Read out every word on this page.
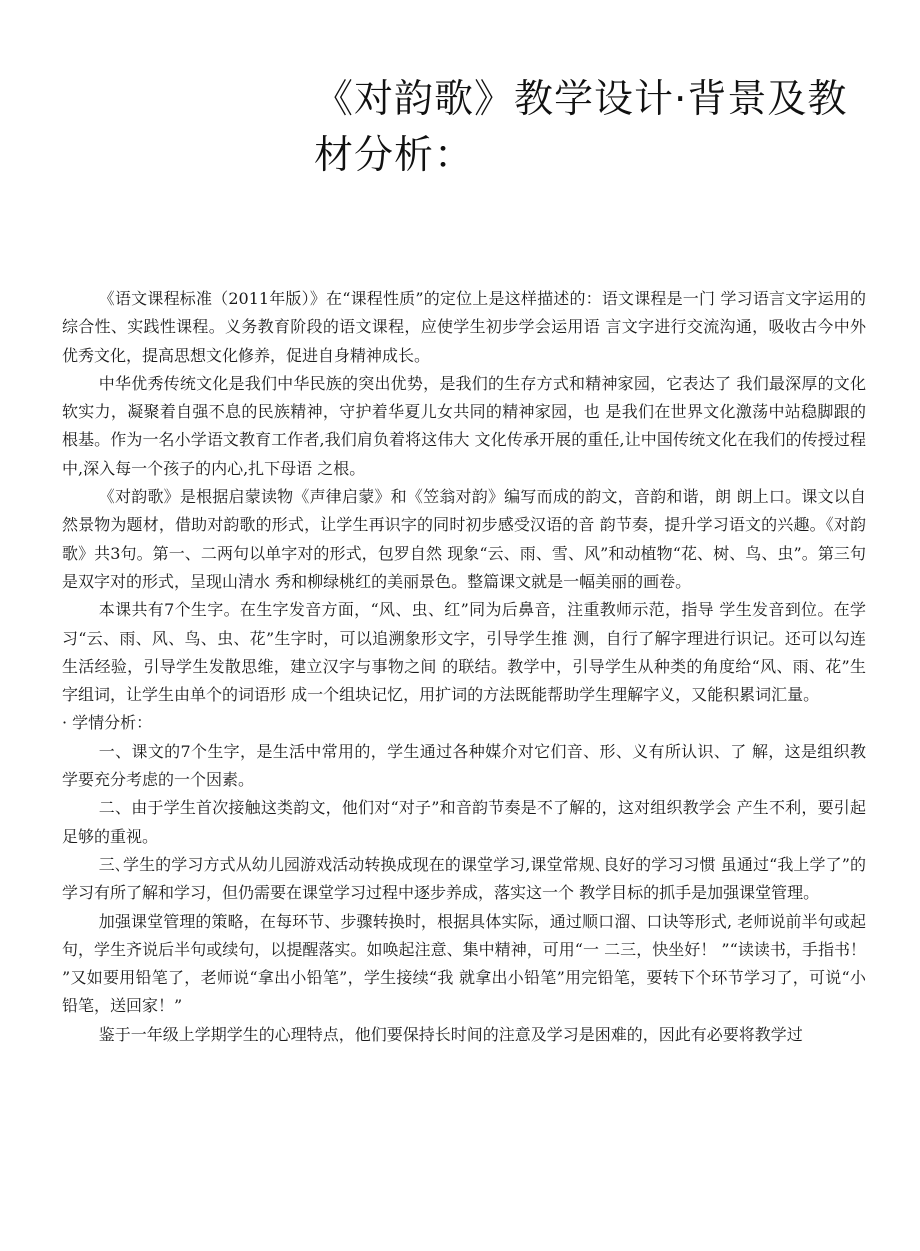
《对韵歌》教学设计·背景及教
材分析：

《语文课程标准（2011年版）》在“课程性质”的定位上是这样描述的：语文课程是一门 学习语言文字运用的综合性、实践性课程。义务教育阶段的语文课程，应使学生初步学会运用语 言文字进行交流沟通，吸收古今中外优秀文化，提高思想文化修养，促进自身精神成长。

中华优秀传统文化是我们中华民族的突出优势，是我们的生存方式和精神家园，它表达了 我们最深厚的文化软实力，凝聚着自强不息的民族精神，守护着华夏儿女共同的精神家园，也 是我们在世界文化激荡中站稳脚跟的根基。作为一名小学语文教育工作者,我们肩负着将这伟大 文化传承开展的重任,让中国传统文化在我们的传授过程中,深入每一个孩子的内心,扎下母语 之根。

《对韵歌》是根据启蒙读物《声律启蒙》和《笠翁对韵》编写而成的韵文，音韵和谐，朗 朗上口。课文以自然景物为题材，借助对韵歌的形式，让学生再识字的同时初步感受汉语的音 韵节奏，提升学习语文的兴趣。《对韵歌》共3句。第一、二两句以单字对的形式，包罗自然 现象“云、雨、雪、风”和动植物“花、树、鸟、虫”。第三句是双字对的形式，呈现山清水 秀和柳绿桃红的美丽景色。整篇课文就是一幅美丽的画卷。

本课共有7个生字。在生字发音方面，“风、虫、红”同为后鼻音，注重教师示范，指导 学生发音到位。在学习“云、雨、风、鸟、虫、花”生字时，可以追溯象形文字，引导学生推 测，自行了解字理进行识记。还可以勾连生活经验，引导学生发散思维，建立汉字与事物之间 的联结。教学中，引导学生从种类的角度给“风、雨、花”生字组词，让学生由单个的词语形 成一个组块记忆，用扩词的方法既能帮助学生理解字义，又能积累词汇量。

· 学情分析：

一、课文的7个生字，是生活中常用的，学生通过各种媒介对它们音、形、义有所认识、了 解，这是组织教学要充分考虑的一个因素。

二、由于学生首次接触这类韵文，他们对“对子”和音韵节奏是不了解的，这对组织教学会 产生不利，要引起足够的重视。

三､学生的学习方式从幼儿园游戏活动转换成现在的课堂学习,课堂常规､良好的学习习惯 虽通过“我上学了”的学习有所了解和学习，但仍需要在课堂学习过程中逐步养成，落实这一个 教学目标的抓手是加强课堂管理。

加强课堂管理的策略，在每环节、步骤转换时，根据具体实际，通过顺口溜、口诀等形式, 老师说前半句或起句，学生齐说后半句或续句，以提醒落实。如唤起注意、集中精神，可用“一 二三，快坐好！ ”“读读书，手指书！ ”又如要用铅笔了，老师说“拿出小铅笔”，学生接续“我 就拿出小铅笔”用完铅笔，要转下个环节学习了，可说“小铅笔，送回家！”

鉴于一年级上学期学生的心理特点，他们要保持长时间的注意及学习是困难的，因此有必要将教学过
